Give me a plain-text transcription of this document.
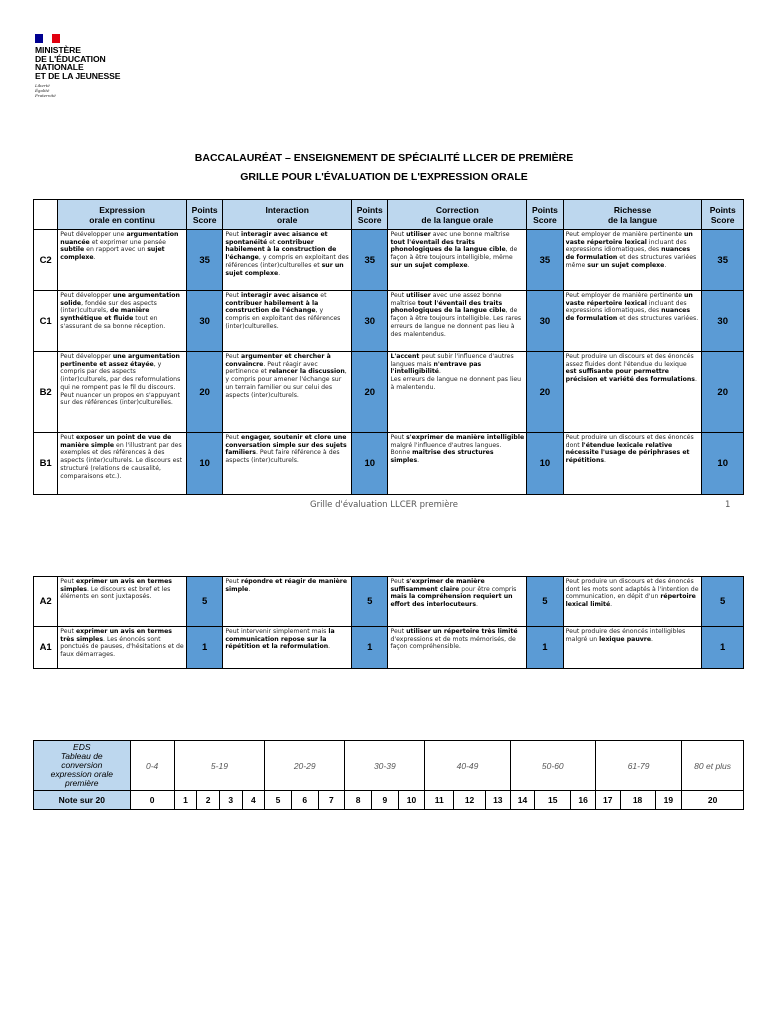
MINISTÈRE
DE L'ÉDUCATION
NATIONALE
ET DE LA JEUNESSE
Liberté
Égalité
Fraternité
BACCALAURÉAT – ENSEIGNEMENT DE SPÉCIALITÉ LLCER DE PREMIÈRE
GRILLE POUR L'ÉVALUATION DE L'EXPRESSION ORALE
	Expression
orale en continu	Points
Score	Interaction
orale	Points
Score	Correction
de la langue orale	Points
Score	Richesse
de la langue	Points
Score
C2	Peut développer une argumentation nuancée et exprimer une pensée subtile en rapport avec un sujet complexe.	35	Peut interagir avec aisance et spontanéité et contribuer habilement à la construction de l'échange, y compris en exploitant des références (inter)culturelles et sur un sujet complexe.	35	Peut utiliser avec une bonne maîtrise tout l'éventail des traits phonologiques de la langue cible, de façon à être toujours intelligible, même sur un sujet complexe.	35	Peut employer de manière pertinente un vaste répertoire lexical incluant des expressions idiomatiques, des nuances de formulation et des structures variées même sur un sujet complexe.	35
C1	Peut développer une argumentation solide, fondée sur des aspects (inter)culturels, de manière synthétique et fluide tout en s'assurant de sa bonne réception.	30	Peut interagir avec aisance et contribuer habilement à la construction de l'échange, y compris en exploitant des références (inter)culturelles.	30	Peut utiliser avec une assez bonne maîtrise tout l'éventail des traits phonologiques de la langue cible, de façon à être toujours intelligible. Les rares erreurs de langue ne donnent pas lieu à des malentendus.	30	Peut employer de manière pertinente un vaste répertoire lexical incluant des expressions idiomatiques, des nuances de formulation et des structures variées.	30
B2	Peut développer une argumentation pertinente et assez étayée, y compris par des aspects (inter)culturels, par des reformulations qui ne rompent pas le fil du discours. Peut nuancer un propos en s'appuyant sur des références (inter)culturelles.	20	Peut argumenter et chercher à convaincre. Peut réagir avec pertinence et relancer la discussion, y compris pour amener l'échange sur un terrain familier ou sur celui des aspects (inter)culturels.	20	L'accent peut subir l'influence d'autres langues mais n'entrave pas l'intelligibilité.
Les erreurs de langue ne donnent pas lieu à malentendu.	20	Peut produire un discours et des énoncés assez fluides dont l'étendue du lexique est suffisante pour permettre précision et variété des formulations.	20
B1	Peut exposer un point de vue de manière simple en l'illustrant par des exemples et des références à des aspects (inter)culturels. Le discours est structuré (relations de causalité, comparaisons etc.).	10	Peut engager, soutenir et clore une conversation simple sur des sujets familiers. Peut faire référence à des aspects (inter)culturels.	10	Peut s'exprimer de manière intelligible malgré l'influence d'autres langues.
Bonne maîtrise des structures simples.	10	Peut produire un discours et des énoncés dont l'étendue lexicale relative nécessite l'usage de périphrases et répétitions.	10
Grille d'évaluation LLCER première	1
A2	Peut exprimer un avis en termes simples. Le discours est bref et les éléments en sont juxtaposés.	5	Peut répondre et réagir de manière simple.	5	Peut s'exprimer de manière suffisamment claire pour être compris mais la compréhension requiert un effort des interlocuteurs.	5	Peut produire un discours et des énoncés dont les mots sont adaptés à l'intention de communication, en dépit d'un répertoire lexical limité.	5
A1	Peut exprimer un avis en termes très simples. Les énoncés sont ponctués de pauses, d'hésitations et de faux démarrages.	1	Peut intervenir simplement mais la communication repose sur la répétition et la reformulation.	1	Peut utiliser un répertoire très limité d'expressions et de mots mémorisés, de façon compréhensible.	1	Peut produire des énoncés intelligibles malgré un lexique pauvre.	1
EDS
Tableau de
conversion
expression orale
première	0-4	5-19				20-29			30-39			40-49			50-60			61-79			80 et plus
Note sur 20	0	1	2	3	4	5	6	7	8	9	10	11	12	13	14	15	16	17	18	19	20
